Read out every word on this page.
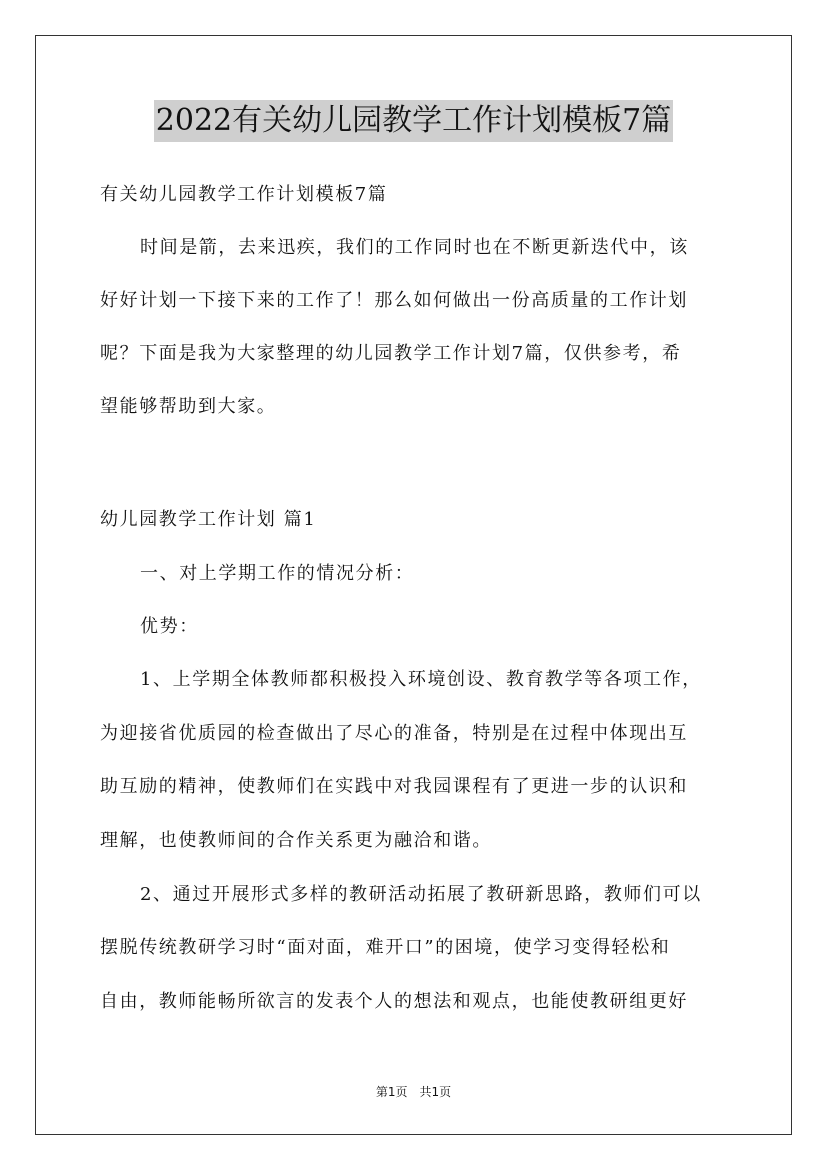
2022有关幼儿园教学工作计划模板7篇
有关幼儿园教学工作计划模板7篇
时间是箭，去来迅疾，我们的工作同时也在不断更新迭代中，该
好好计划一下接下来的工作了！那么如何做出一份高质量的工作计划
呢？下面是我为大家整理的幼儿园教学工作计划7篇，仅供参考，希
望能够帮助到大家。
幼儿园教学工作计划 篇1
一、对上学期工作的情况分析：
优势：
1、上学期全体教师都积极投入环境创设、教育教学等各项工作，
为迎接省优质园的检查做出了尽心的准备，特别是在过程中体现出互
助互励的精神，使教师们在实践中对我园课程有了更进一步的认识和
理解，也使教师间的合作关系更为融洽和谐。
2、通过开展形式多样的教研活动拓展了教研新思路，教师们可以
摆脱传统教研学习时“面对面，难开口”的困境，使学习变得轻松和
自由，教师能畅所欲言的发表个人的想法和观点，也能使教研组更好
第1页　共1页
